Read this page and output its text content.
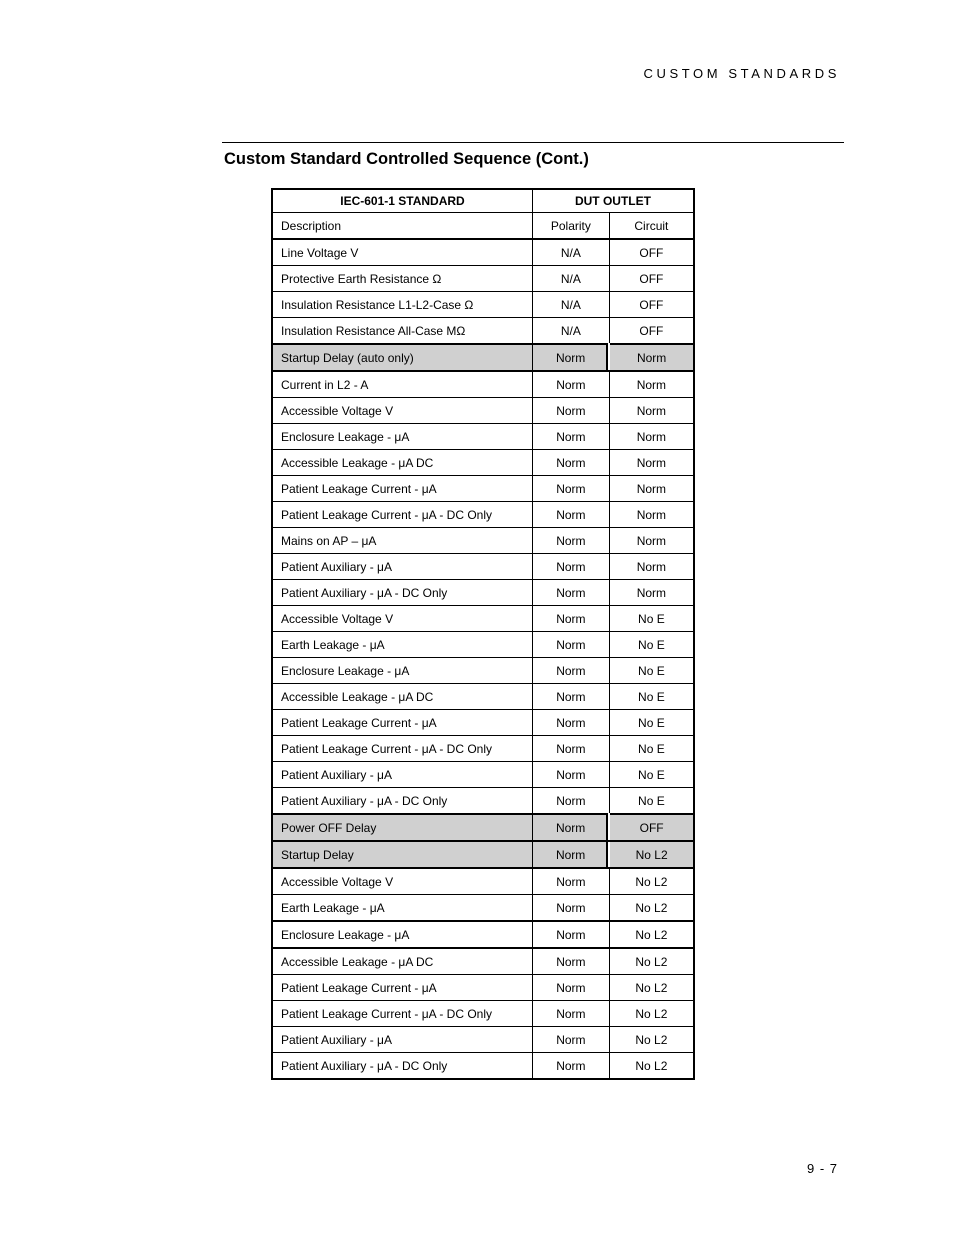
CUSTOM STANDARDS
Custom Standard Controlled Sequence (Cont.)
IEC-601-1 STANDARD	DUT OUTLET	
Description	Polarity	Circuit
Line Voltage V	N/A	OFF
Protective Earth Resistance Ω	N/A	OFF
Insulation Resistance L1-L2-Case Ω	N/A	OFF
Insulation Resistance All-Case MΩ	N/A	OFF
Startup Delay (auto only)	Norm	Norm
Current in L2 - A	Norm	Norm
Accessible Voltage V	Norm	Norm
Enclosure Leakage - μA	Norm	Norm
Accessible Leakage - μA DC	Norm	Norm
Patient Leakage Current - μA	Norm	Norm
Patient Leakage Current - μA - DC Only	Norm	Norm
Mains on AP – μA	Norm	Norm
Patient Auxiliary - μA	Norm	Norm
Patient Auxiliary - μA - DC Only	Norm	Norm
Accessible Voltage V	Norm	No E
Earth Leakage - μA	Norm	No E
Enclosure Leakage - μA	Norm	No E
Accessible Leakage - μA DC	Norm	No E
Patient Leakage Current - μA	Norm	No E
Patient Leakage Current - μA - DC Only	Norm	No E
Patient Auxiliary - μA	Norm	No E
Patient Auxiliary - μA - DC Only	Norm	No E
Power OFF Delay	Norm	OFF
Startup Delay	Norm	No L2
Accessible Voltage V	Norm	No L2
Earth Leakage - μA	Norm	No L2
Enclosure Leakage - μA	Norm	No L2
Accessible Leakage - μA DC	Norm	No L2
Patient Leakage Current - μA	Norm	No L2
Patient Leakage Current - μA - DC Only	Norm	No L2
Patient Auxiliary - μA	Norm	No L2
Patient Auxiliary - μA - DC Only	Norm	No L2
9 - 7
